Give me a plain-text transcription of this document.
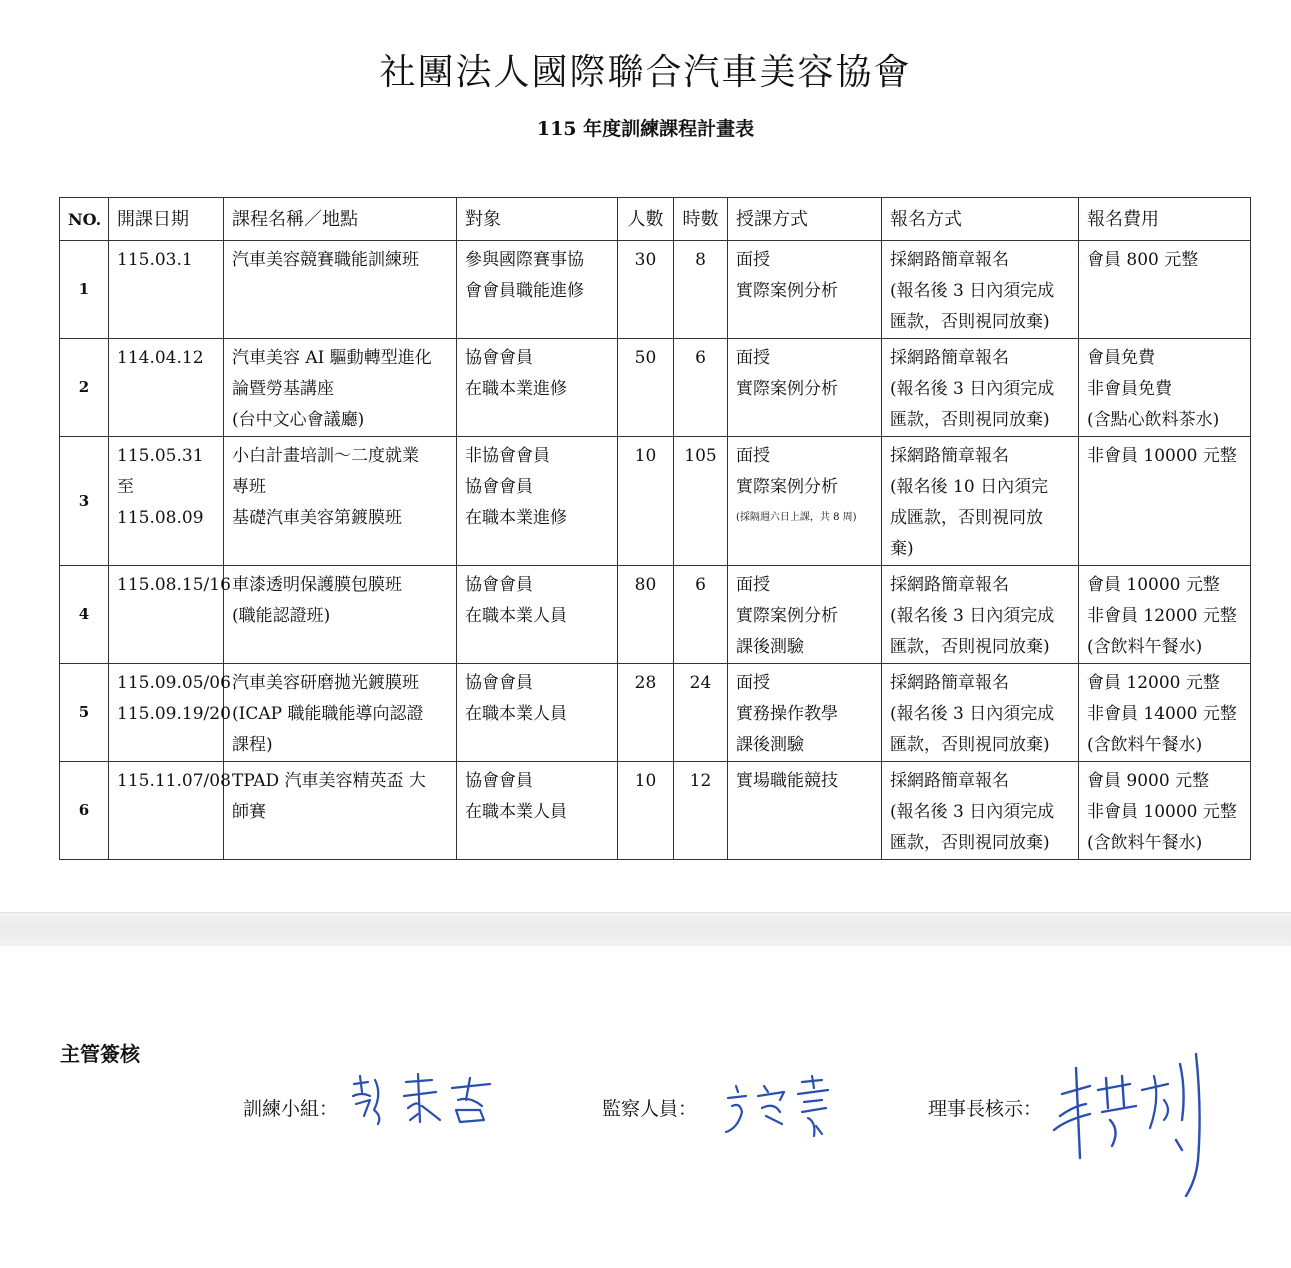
社團法人國際聯合汽車美容協會
115 年度訓練課程計畫表
NO.	開課日期	課程名稱／地點	對象	人數	時數	授課方式	報名方式	報名費用

1	115.03.1	汽車美容競賽職能訓練班	參與國際賽事協
會會員職能進修	30	8	面授
實際案例分析	採網路簡章報名
(報名後 3 日內須完成
匯款，否則視同放棄)	會員 800 元整

2	114.04.12	汽車美容 AI 驅動轉型進化
論暨勞基講座
(台中文心會議廳)	協會會員
在職本業進修	50	6	面授
實際案例分析	採網路簡章報名
(報名後 3 日內須完成
匯款，否則視同放棄)	會員免費
非會員免費
(含點心飲料茶水)

3	115.05.31
至
115.08.09	小白計畫培訓～二度就業
專班
基礎汽車美容第鍍膜班	非協會會員
協會會員
在職本業進修	10	105	面授
實際案例分析
(採隔週六日上課，共 8 周)	採網路簡章報名
(報名後 10 日內須完
成匯款，否則視同放
棄)	非會員 10000 元整

4	115.08.15/16	車漆透明保護膜包膜班
(職能認證班)	協會會員
在職本業人員	80	6	面授
實際案例分析
課後測驗	採網路簡章報名
(報名後 3 日內須完成
匯款，否則視同放棄)	會員 10000 元整
非會員 12000 元整
(含飲料午餐水)

5	115.09.05/06
115.09.19/20	汽車美容研磨拋光鍍膜班
(ICAP 職能職能導向認證
課程)	協會會員
在職本業人員	28	24	面授
實務操作教學
課後測驗	採網路簡章報名
(報名後 3 日內須完成
匯款，否則視同放棄)	會員 12000 元整
非會員 14000 元整
(含飲料午餐水)

6	115.11.07/08	TPAD 汽車美容精英盃 大
師賽	協會會員
在職本業人員	10	12	實場職能競技	採網路簡章報名
(報名後 3 日內須完成
匯款，否則視同放棄)	會員 9000 元整
非會員 10000 元整
(含飲料午餐水)
主管簽核
訓練小組：	監察人員：	理事長核示：
